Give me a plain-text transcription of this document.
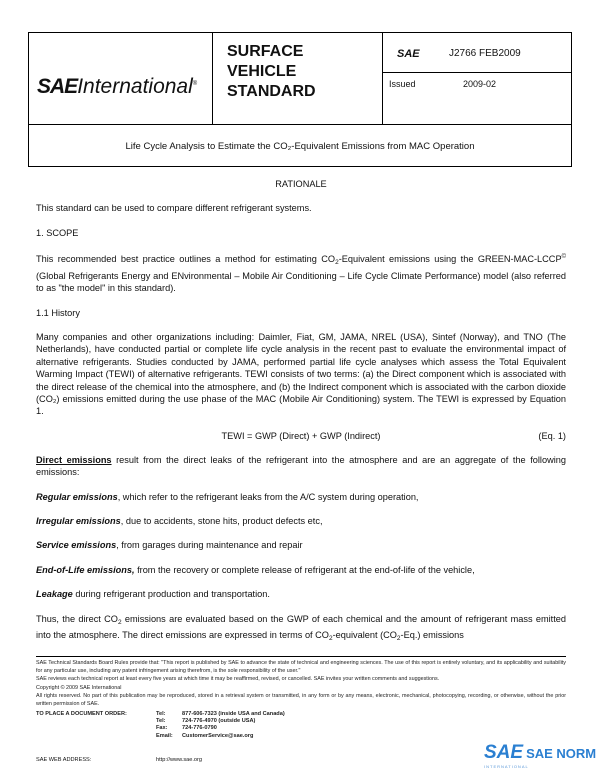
SAEInternational®
SURFACE
VEHICLE
STANDARD
SAE	J2766 FEB2009
Issued	2009-02
Life Cycle Analysis to Estimate the CO₂-Equivalent Emissions from MAC Operation

RATIONALE

This standard can be used to compare different refrigerant systems.

1. SCOPE

This recommended best practice outlines a method for estimating $CO_2$-Equivalent emissions using the GREEN-MAC-LCCP© (Global Refrigerants Energy and ENvironmental – Mobile Air Conditioning – Life Cycle Climate Performance) model (also referred to as "the model" in this standard).

1.1 History

Many companies and other organizations including: Daimler, Fiat, GM, JAMA, NREL (USA), Sintef (Norway), and TNO (The Netherlands), have conducted partial or complete life cycle analysis in the recent past to evaluate the environmental impact of alternative refrigerants. Studies conducted by JAMA, performed partial life cycle analyses which assess the Total Equivalent Warming Impact (TEWI) of alternative refrigerants. TEWI consists of two terms: (a) the Direct component which is associated with the direct release of the chemical into the atmosphere, and (b) the Indirect component which is associated with the carbon dioxide (CO₂) emissions emitted during the use phase of the MAC (Mobile Air Conditioning) system. The TEWI is expressed by Equation 1.

TEWI = GWP (Direct) + GWP (Indirect)	(Eq. 1)

Direct emissions result from the direct leaks of the refrigerant into the atmosphere and are an aggregate of the following emissions:

Regular emissions, which refer to the refrigerant leaks from the A/C system during operation,

Irregular emissions, due to accidents, stone hits, product defects etc,

Service emissions, from garages during maintenance and repair

End-of-Life emissions, from the recovery or complete release of refrigerant at the end-of-life of the vehicle,

Leakage during refrigerant production and transportation.

Thus, the direct $CO_2$ emissions are evaluated based on the GWP of each chemical and the amount of refrigerant mass emitted into the atmosphere. The direct emissions are expressed in terms of $CO_2$-equivalent $(CO_2-Eq.)$ emissions

SAE Technical Standards Board Rules provide that: "This report is published by SAE to advance the state of technical and engineering sciences. The use of this report is entirely voluntary, and its applicability and suitability for any particular use, including any patent infringement arising therefrom, is the sole responsibility of the user."

SAE reviews each technical report at least every five years at which time it may be reaffirmed, revised, or cancelled. SAE invites your written comments and suggestions.

Copyright © 2009 SAE International

All rights reserved. No part of this publication may be reproduced, stored in a retrieval system or transmitted, in any form or by any means, electronic, mechanical, photocopying, recording, or otherwise, without the prior written permission of SAE.

TO PLACE A DOCUMENT ORDER:	Tel:	877-606-7323 (inside USA and Canada)
Tel:	724-776-4970 (outside USA)
Fax:	724-776-0790
Email:	CustomerService@sae.org
SAE WEB ADDRESS:	http://www.sae.org	SAE SAE NORM
INTERNATIONAL
